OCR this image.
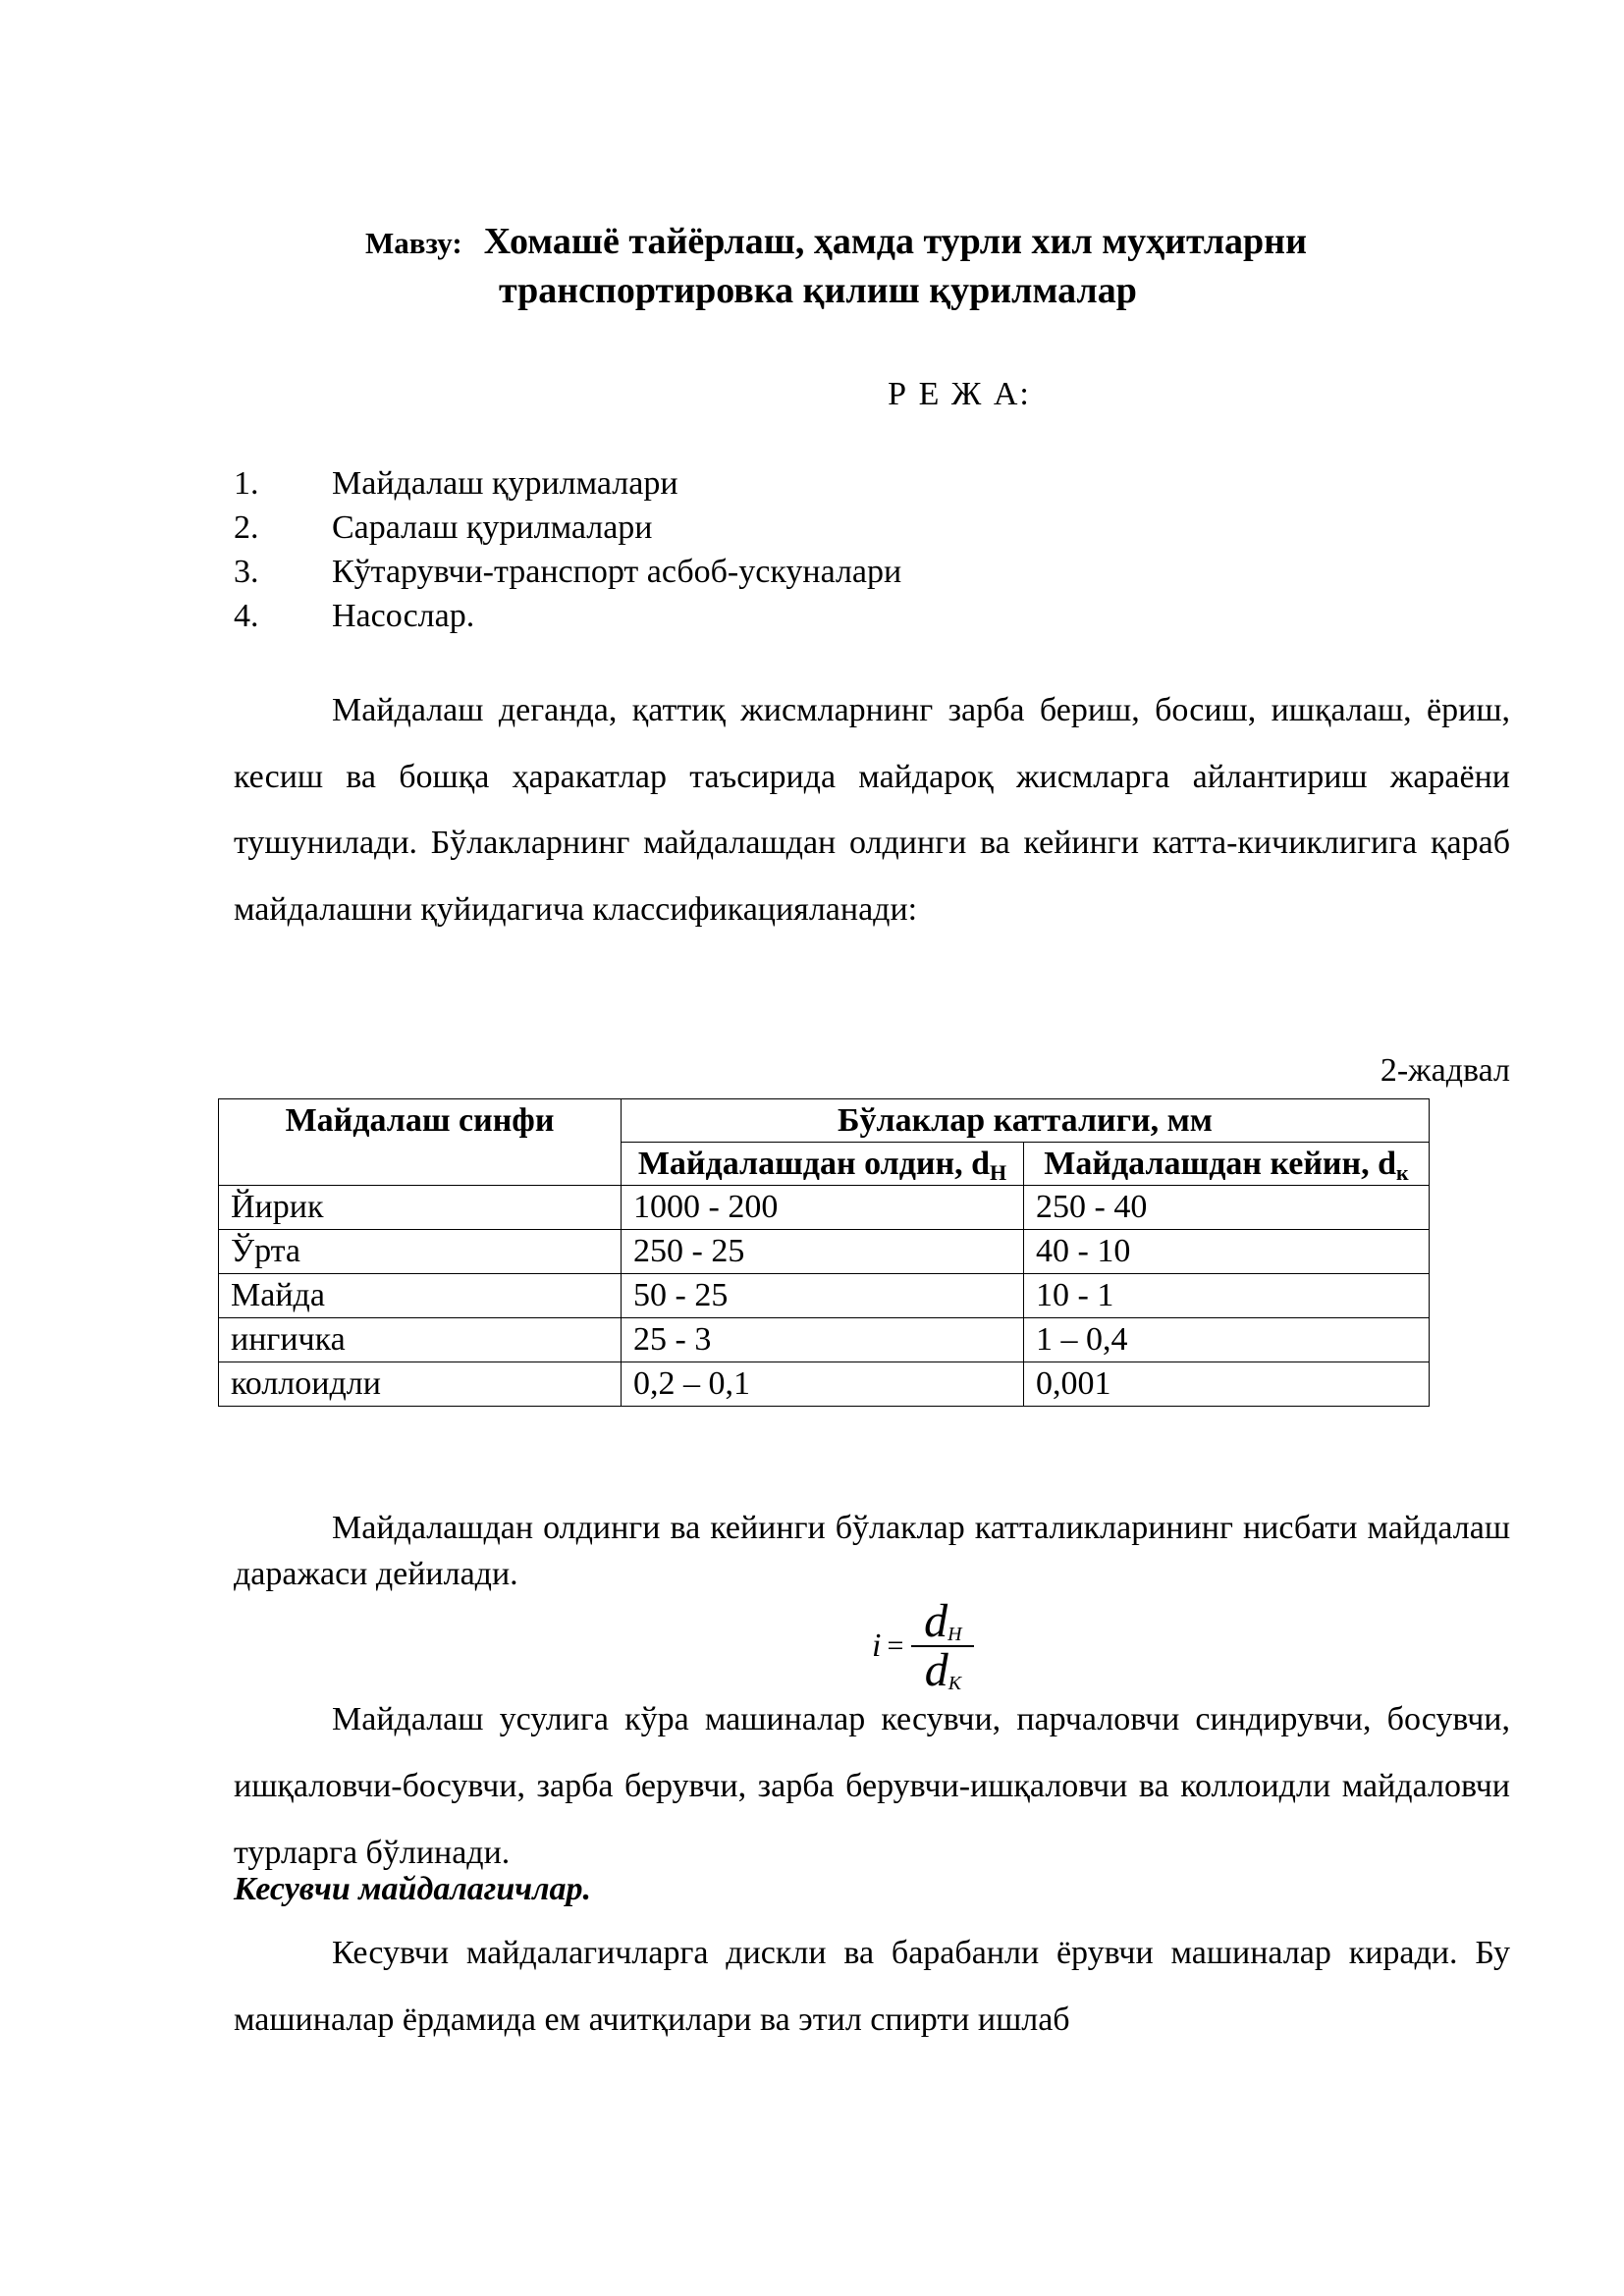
Мавзу: Хомашё тайёрлаш, ҳамда турли хил муҳитларни
транспортировка қилиш қурилмалар
Р Е Ж А:
1.	Майдалаш қурилмалари
2.	Саралаш қурилмалари
3.	Кўтарувчи-транспорт асбоб-ускуналари
4.	Насослар.

Майдалаш деганда, қаттиқ жисмларнинг зарба бериш, босиш, ишқалаш, ёриш, кесиш ва бошқа ҳаракатлар таъсирида майдароқ жисмларга айлантириш жараёни тушунилади. Бўлакларнинг майдалашдан олдинги ва кейинги катта-кичиклигига қараб майдалашни қуйидагича классификацияланади:

2-жадвал
Майдалаш синфи	Бўлаклар катталиги, мм	
	Майдалашдан олдин, $d_Н$	Майдалашдан кейин, $d_к$
Йирик	1000 - 200	250 - 40
Ўрта	250 - 25	40 - 10
Майда	50 - 25	10 - 1
ингичка	25 - 3	1 – 0,4
коллоидли	0,2 – 0,1	0,001

Майдалашдан олдинги ва кейинги бўлаклар катталикларининг нисбати майдалаш даражаси дейилади.

$i = \frac{d_Н}{d_К}$

Майдалаш усулига кўра машиналар кесувчи, парчаловчи синдирувчи, босувчи, ишқаловчи-босувчи, зарба берувчи, зарба берувчи-ишқаловчи ва коллоидли майдаловчи турларга бўлинади.

Кесувчи майдалагичлар.

Кесувчи майдалагичларга дискли ва барабанли ёрувчи машиналар киради. Бу машиналар ёрдамида ем ачитқилари ва этил спирти ишлаб
